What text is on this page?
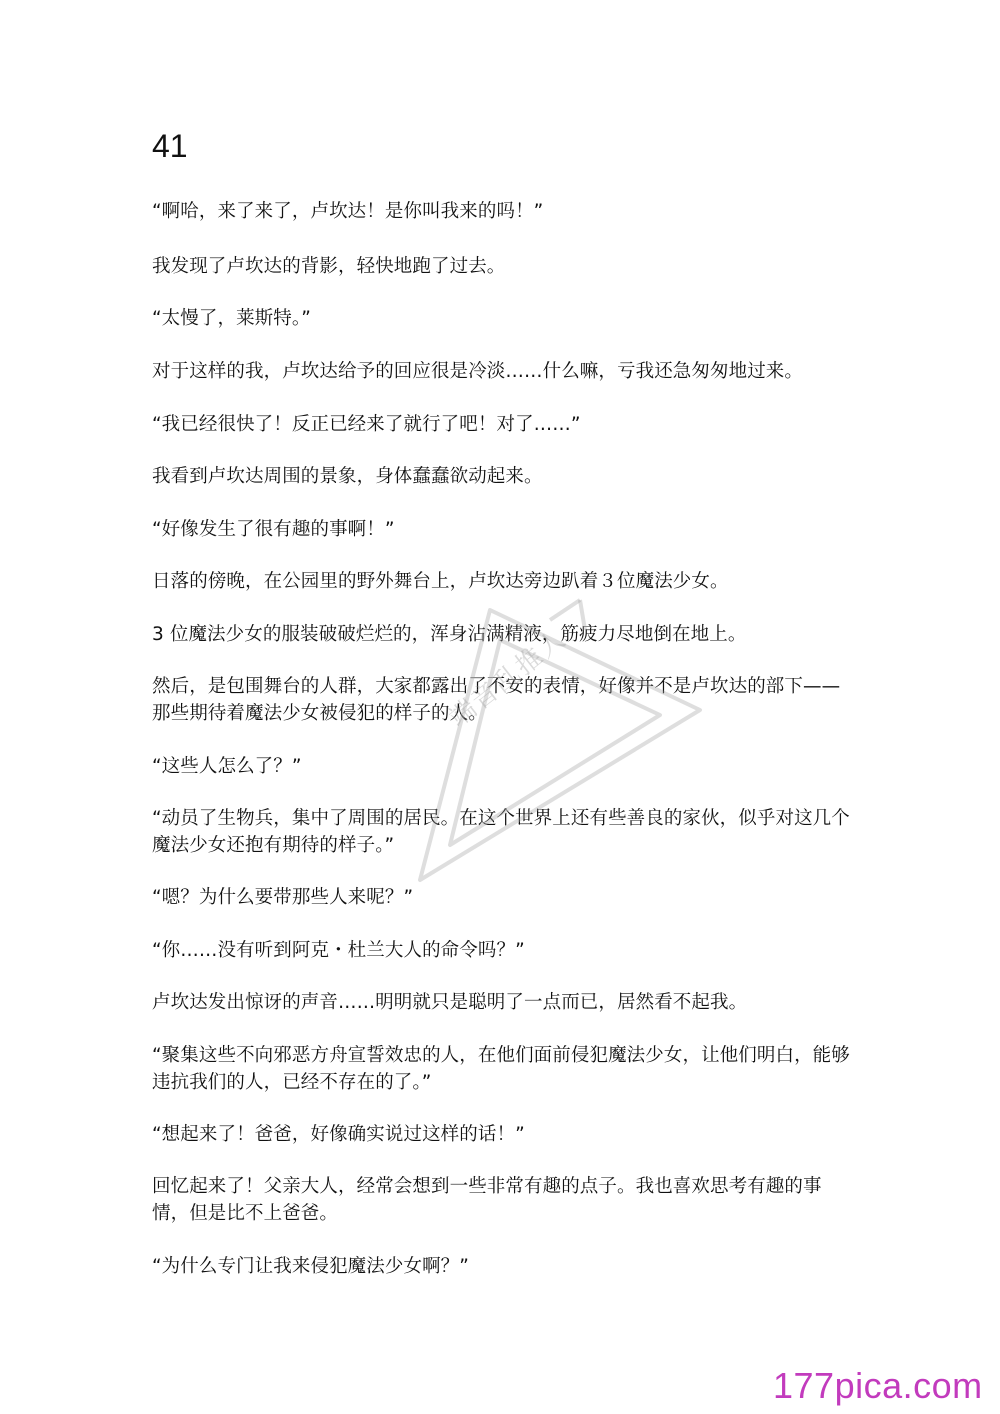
41

“啊哈，来了来了，卢坎达！是你叫我来的吗！”

我发现了卢坎达的背影，轻快地跑了过去。

“太慢了，莱斯特。”

对于这样的我，卢坎达给予的回应很是冷淡……什么嘛，亏我还急匆匆地过来。

“我已经很快了！反正已经来了就行了吧！对了……”

我看到卢坎达周围的景象，身体蠢蠢欲动起来。

“好像发生了很有趣的事啊！”

日落的傍晚，在公园里的野外舞台上，卢坎达旁边趴着３位魔法少女。

3 位魔法少女的服装破破烂烂的，浑身沾满精液，筋疲力尽地倒在地上。

然后，是包围舞台的人群，大家都露出了不安的表情，好像并不是卢坎达的部下——那些期待着魔法少女被侵犯的样子的人。

“这些人怎么了？”

“动员了生物兵，集中了周围的居民。在这个世界上还有些善良的家伙，似乎对这几个魔法少女还抱有期待的样子。”

“嗯？为什么要带那些人来呢？”

“你……没有听到阿克・杜兰大人的命令吗？”

卢坎达发出惊讶的声音……明明就只是聪明了一点而已，居然看不起我。

“聚集这些不向邪恶方舟宣誓效忠的人，在他们面前侵犯魔法少女，让他们明白，能够违抗我们的人，已经不存在的了。”

“想起来了！爸爸，好像确实说过这样的话！”

回忆起来了！父亲大人，经常会想到一些非常有趣的点子。我也喜欢思考有趣的事情，但是比不上爸爸。

“为什么专门让我来侵犯魔法少女啊？”

端音乱推人
177pica.com
